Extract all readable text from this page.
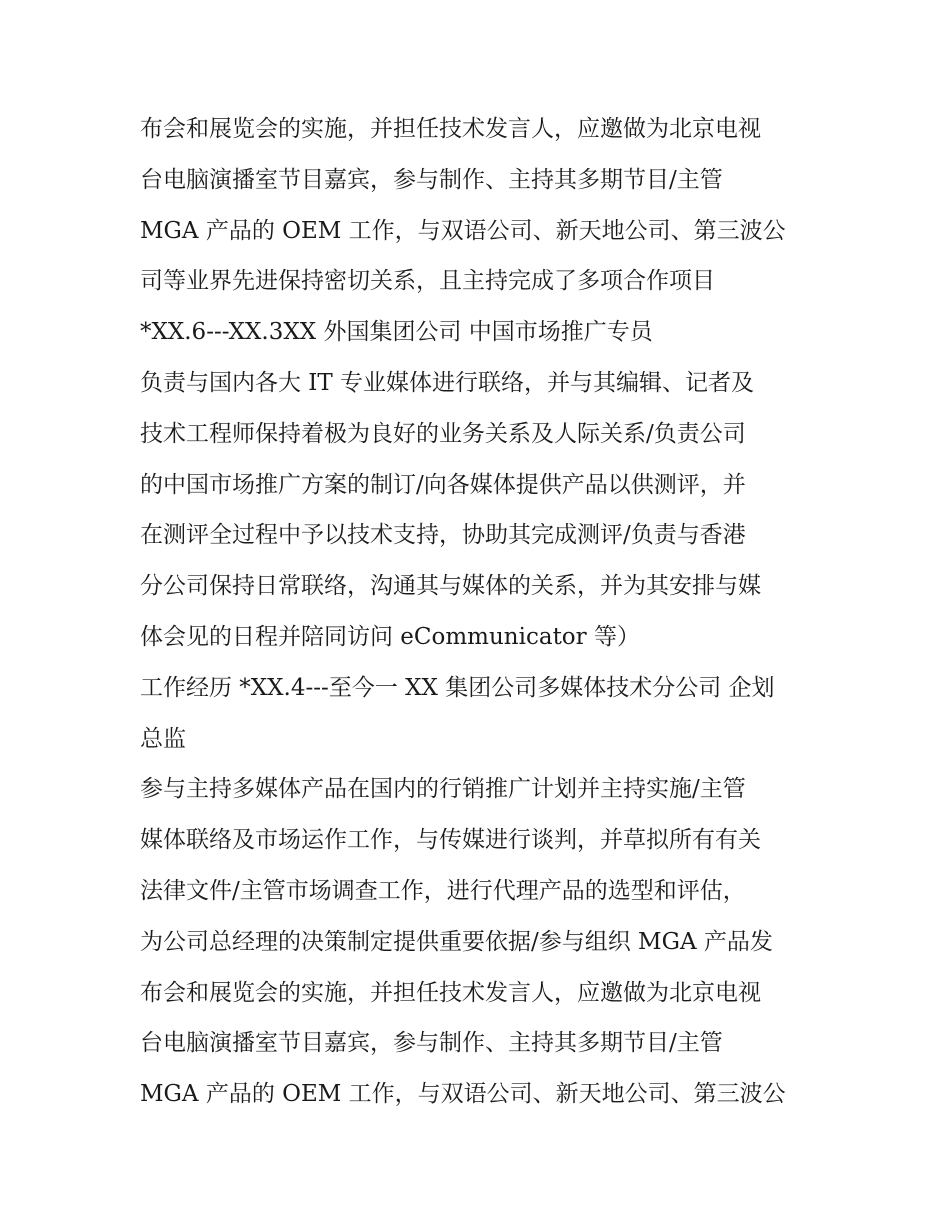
布会和展览会的实施，并担任技术发言人，应邀做为北京电视
台电脑演播室节目嘉宾，参与制作、主持其多期节目/主管
MGA 产品的 OEM 工作，与双语公司、新天地公司、第三波公
司等业界先进保持密切关系，且主持完成了多项合作项目
*XX.6---XX.3XX 外国集团公司 中国市场推广专员
负责与国内各大 IT 专业媒体进行联络，并与其编辑、记者及
技术工程师保持着极为良好的业务关系及人际关系/负责公司
的中国市场推广方案的制订/向各媒体提供产品以供测评，并
在测评全过程中予以技术支持，协助其完成测评/负责与香港
分公司保持日常联络，沟通其与媒体的关系，并为其安排与媒
体会见的日程并陪同访问 eCommunicator 等）
工作经历 *XX.4---至今一 XX 集团公司多媒体技术分公司 企划
总监
参与主持多媒体产品在国内的行销推广计划并主持实施/主管
媒体联络及市场运作工作，与传媒进行谈判，并草拟所有有关
法律文件/主管市场调查工作，进行代理产品的选型和评估，
为公司总经理的决策制定提供重要依据/参与组织 MGA 产品发
布会和展览会的实施，并担任技术发言人，应邀做为北京电视
台电脑演播室节目嘉宾，参与制作、主持其多期节目/主管
MGA 产品的 OEM 工作，与双语公司、新天地公司、第三波公
